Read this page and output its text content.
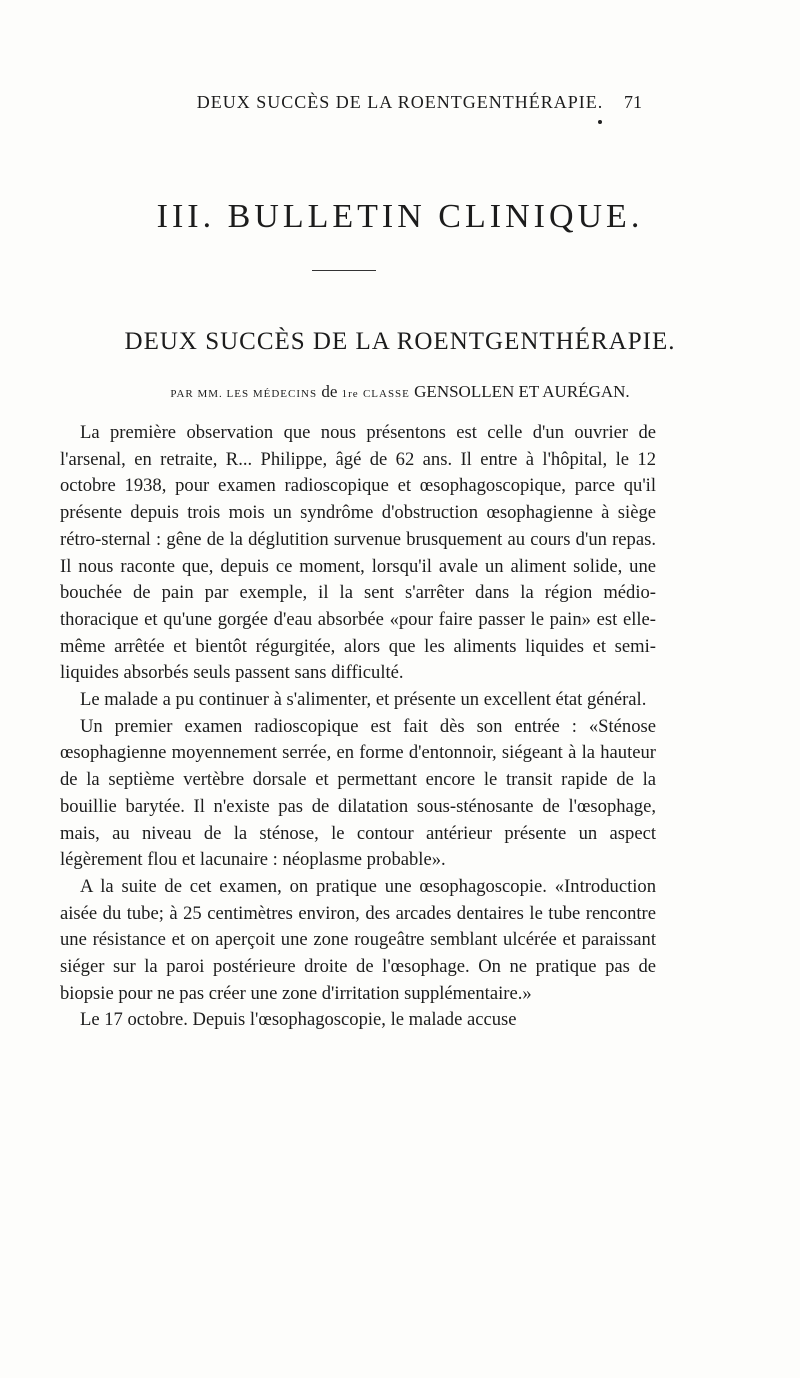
DEUX SUCCÈS DE LA ROENTGENTHÉRAPIE.	71
III. BULLETIN CLINIQUE.
DEUX SUCCÈS DE LA ROENTGENTHÉRAPIE.
PAR MM. LES MÉDECINS de 1re CLASSE GENSOLLEN ET AURÉGAN.

La première observation que nous présentons est celle d'un ouvrier de l'arsenal, en retraite, R... Philippe, âgé de 62 ans. Il entre à l'hôpital, le 12 octobre 1938, pour examen radioscopique et œsophagoscopique, parce qu'il présente depuis trois mois un syndrôme d'obstruction œsophagienne à siège rétro-sternal : gêne de la déglutition survenue brusquement au cours d'un repas. Il nous raconte que, depuis ce moment, lorsqu'il avale un aliment solide, une bouchée de pain par exemple, il la sent s'arrêter dans la région médio-thoracique et qu'une gorgée d'eau absorbée «pour faire passer le pain» est elle-même arrêtée et bientôt régurgitée, alors que les aliments liquides et semi-liquides absorbés seuls passent sans difficulté.

Le malade a pu continuer à s'alimenter, et présente un excellent état général.

Un premier examen radioscopique est fait dès son entrée : «Sténose œsophagienne moyennement serrée, en forme d'entonnoir, siégeant à la hauteur de la septième vertèbre dorsale et permettant encore le transit rapide de la bouillie barytée. Il n'existe pas de dilatation sous-sténosante de l'œsophage, mais, au niveau de la sténose, le contour antérieur présente un aspect légèrement flou et lacunaire : néoplasme probable».

A la suite de cet examen, on pratique une œsophagoscopie. «Introduction aisée du tube; à 25 centimètres environ, des arcades dentaires le tube rencontre une résistance et on aperçoit une zone rougeâtre semblant ulcérée et paraissant siéger sur la paroi postérieure droite de l'œsophage. On ne pratique pas de biopsie pour ne pas créer une zone d'irritation supplémentaire.»

Le 17 octobre. Depuis l'œsophagoscopie, le malade accuse
